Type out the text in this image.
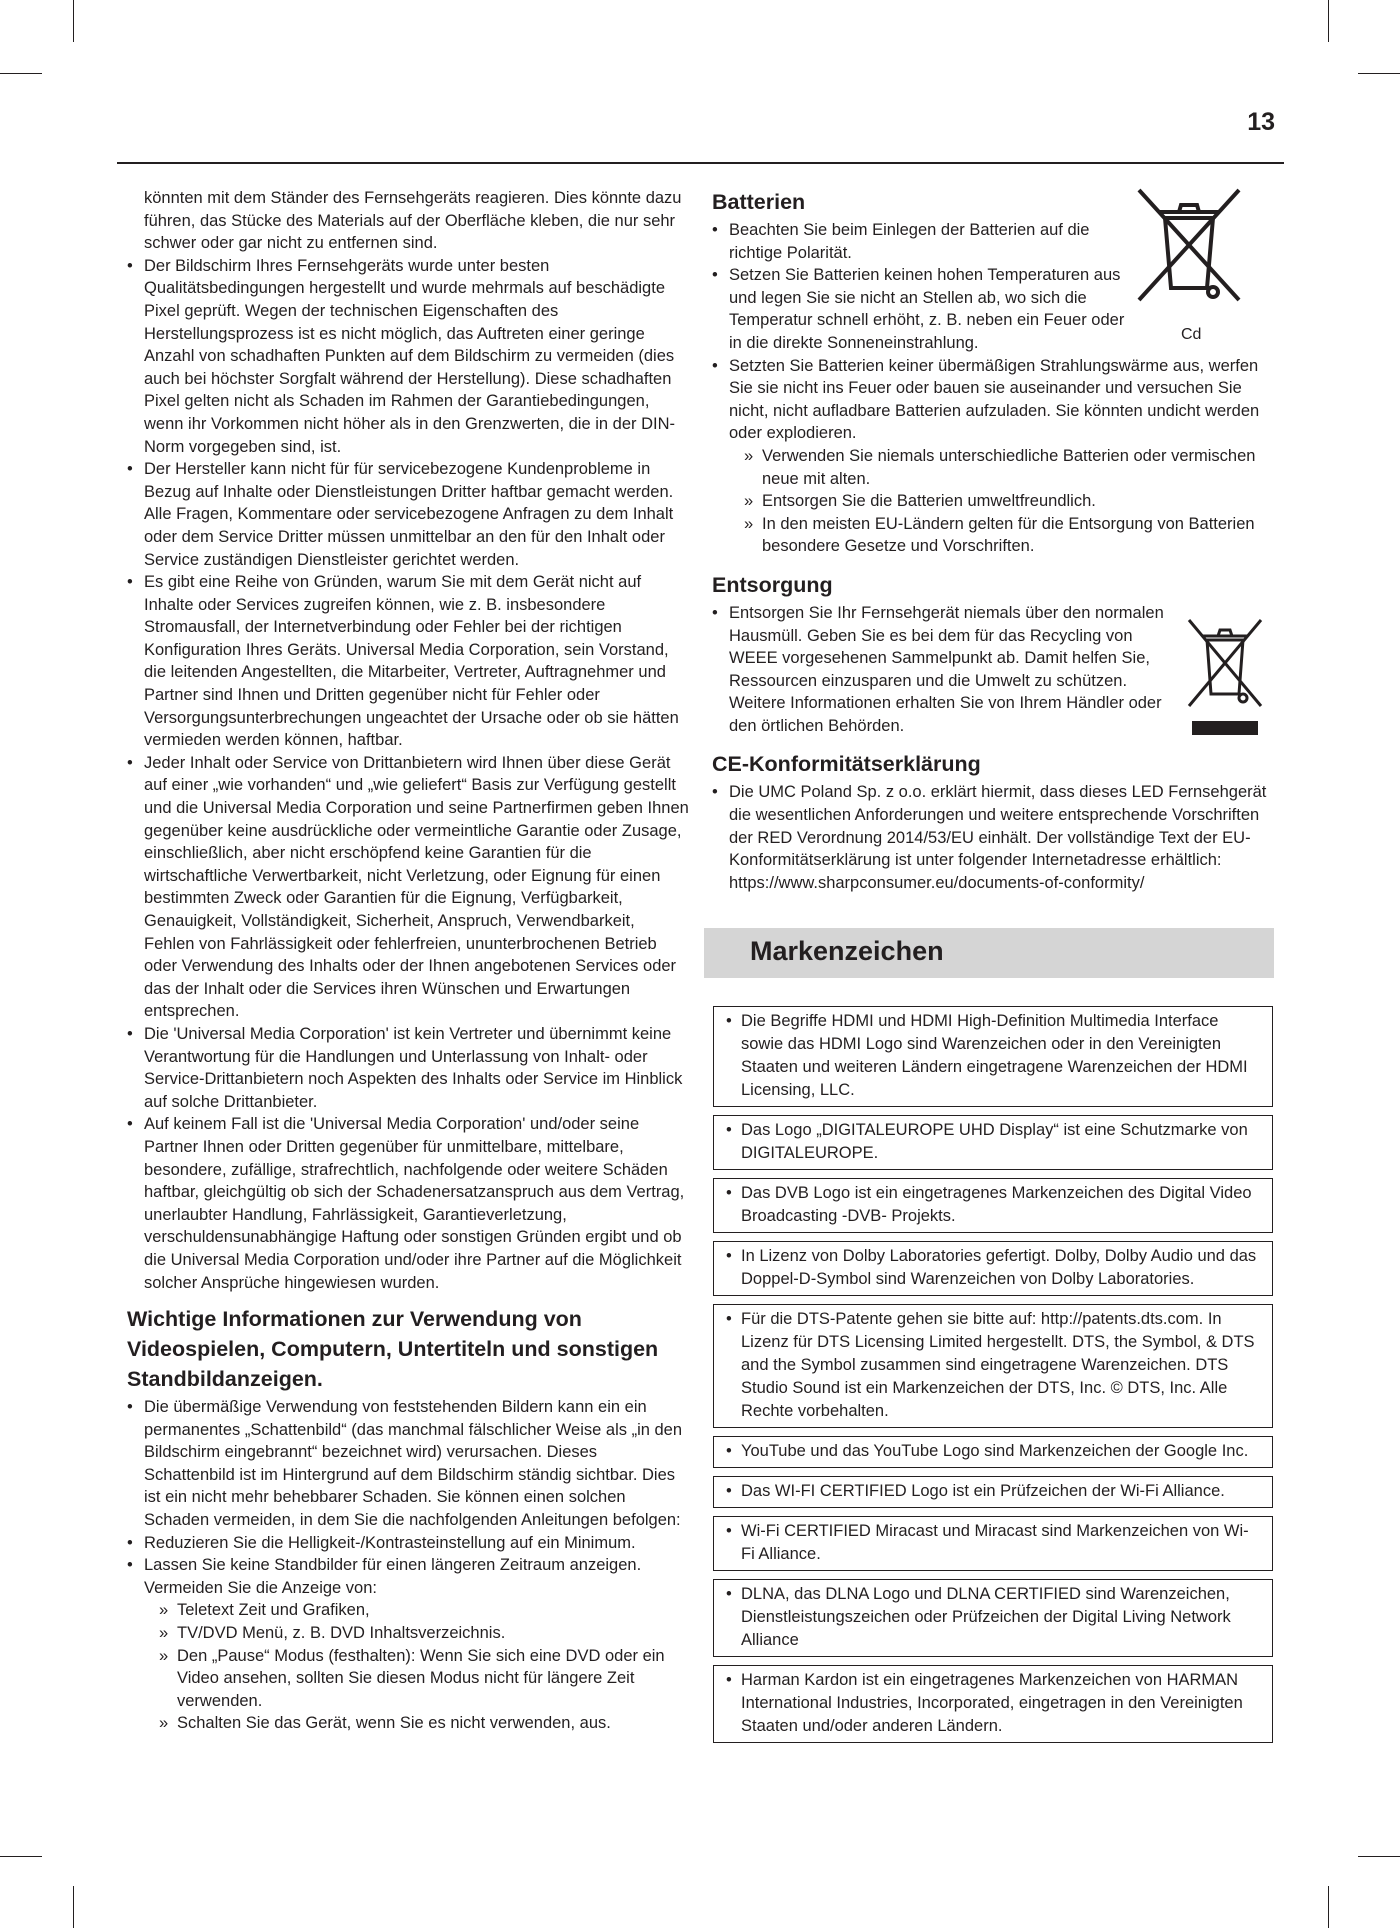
13

könnten mit dem Ständer des Fernsehgeräts reagieren. Dies könnte dazu führen, das Stücke des Materials auf der Oberfläche kleben, die nur sehr schwer oder gar nicht zu entfernen sind.

• Der Bildschirm Ihres Fernsehgeräts wurde unter besten Qualitätsbedingungen hergestellt und wurde mehrmals auf beschädigte Pixel geprüft. Wegen der technischen Eigenschaften des Herstellungsprozess ist es nicht möglich, das Auftreten einer geringe Anzahl von schadhaften Punkten auf dem Bildschirm zu vermeiden (dies auch bei höchster Sorgfalt während der Herstellung). Diese schadhaften Pixel gelten nicht als Schaden im Rahmen der Garantiebedingungen, wenn ihr Vorkommen nicht höher als in den Grenzwerten, die in der DIN-Norm vorgegeben sind, ist.

• Der Hersteller kann nicht für für servicebezogene Kundenprobleme in Bezug auf Inhalte oder Dienstleistungen Dritter haftbar gemacht werden. Alle Fragen, Kommentare oder servicebezogene Anfragen zu dem Inhalt oder dem Service Dritter müssen unmittelbar an den für den Inhalt oder Service zuständigen Dienstleister gerichtet werden.

• Es gibt eine Reihe von Gründen, warum Sie mit dem Gerät nicht auf Inhalte oder Services zugreifen können, wie z. B. insbesondere Stromausfall, der Internetverbindung oder Fehler bei der richtigen Konfiguration Ihres Geräts. Universal Media Corporation, sein Vorstand, die leitenden Angestellten, die Mitarbeiter, Vertreter, Auftragnehmer und Partner sind Ihnen und Dritten gegenüber nicht für Fehler oder Versorgungsunterbrechungen ungeachtet der Ursache oder ob sie hätten vermieden werden können, haftbar.

• Jeder Inhalt oder Service von Drittanbietern wird Ihnen über diese Gerät auf einer „wie vorhanden“ und „wie geliefert“ Basis zur Verfügung gestellt und die Universal Media Corporation und seine Partnerfirmen geben Ihnen gegenüber keine ausdrückliche oder vermeintliche Garantie oder Zusage, einschließlich, aber nicht erschöpfend keine Garantien für die wirtschaftliche Verwertbarkeit, nicht Verletzung, oder Eignung für einen bestimmten Zweck oder Garantien für die Eignung, Verfügbarkeit, Genauigkeit, Vollständigkeit, Sicherheit, Anspruch, Verwendbarkeit, Fehlen von Fahrlässigkeit oder fehlerfreien, ununterbrochenen Betrieb oder Verwendung des Inhalts oder der Ihnen angebotenen Services oder das der Inhalt oder die Services ihren Wünschen und Erwartungen entsprechen.

• Die 'Universal Media Corporation' ist kein Vertreter und übernimmt keine Verantwortung für die Handlungen und Unterlassung von Inhalt- oder Service-Drittanbietern noch Aspekten des Inhalts oder Service im Hinblick auf solche Drittanbieter.

• Auf keinem Fall ist die 'Universal Media Corporation' und/oder seine Partner Ihnen oder Dritten gegenüber für unmittelbare, mittelbare, besondere, zufällige, strafrechtlich, nachfolgende oder weitere Schäden haftbar, gleichgültig ob sich der Schadenersatzanspruch aus dem Vertrag, unerlaubter Handlung, Fahrlässigkeit, Garantieverletzung, verschuldensunabhängige Haftung oder sonstigen Gründen ergibt und ob die Universal Media Corporation und/oder ihre Partner auf die Möglichkeit solcher Ansprüche hingewiesen wurden.

Wichtige Informationen zur Verwendung von Videospielen, Computern, Untertiteln und sonstigen Standbildanzeigen.

• Die übermäßige Verwendung von feststehenden Bildern kann ein ein permanentes „Schattenbild“ (das manchmal fälschlicher Weise als „in den Bildschirm eingebrannt“ bezeichnet wird) verursachen. Dieses Schattenbild ist im Hintergrund auf dem Bildschirm ständig sichtbar. Dies ist ein nicht mehr behebbarer Schaden. Sie können einen solchen Schaden vermeiden, in dem Sie die nachfolgenden Anleitungen befolgen:

• Reduzieren Sie die Helligkeit-/Kontrasteinstellung auf ein Minimum.

• Lassen Sie keine Standbilder für einen längeren Zeitraum anzeigen.

Vermeiden Sie die Anzeige von:

» Teletext Zeit und Grafiken,

» TV/DVD Menü, z. B. DVD Inhaltsverzeichnis.

» Den „Pause“ Modus (festhalten): Wenn Sie sich eine DVD oder ein Video ansehen, sollten Sie diesen Modus nicht für längere Zeit verwenden.

» Schalten Sie das Gerät, wenn Sie es nicht verwenden, aus.

Batterien

• Beachten Sie beim Einlegen der Batterien auf die richtige Polarität.

• Setzen Sie Batterien keinen hohen Temperaturen aus und legen Sie sie nicht an Stellen ab, wo sich die Temperatur schnell erhöht, z. B. neben ein Feuer oder in die direkte Sonneneinstrahlung.

• Setzten Sie Batterien keiner übermäßigen Strahlungswärme aus, werfen Sie sie nicht ins Feuer oder bauen sie auseinander und versuchen Sie nicht, nicht aufladbare Batterien aufzuladen. Sie könnten undicht werden oder explodieren.

» Verwenden Sie niemals unterschiedliche Batterien oder vermischen neue mit alten.

» Entsorgen Sie die Batterien umweltfreundlich.

» In den meisten EU-Ländern gelten für die Entsorgung von Batterien besondere Gesetze und Vorschriften.

Entsorgung

• Entsorgen Sie Ihr Fernsehgerät niemals über den normalen Hausmüll. Geben Sie es bei dem für das Recycling von WEEE vorgesehenen Sammelpunkt ab. Damit helfen Sie, Ressourcen einzusparen und die Umwelt zu schützen. Weitere Informationen erhalten Sie von Ihrem Händler oder den örtlichen Behörden.

CE-Konformitätserklärung

• Die UMC Poland Sp. z o.o. erklärt hiermit, dass dieses LED Fernsehgerät die wesentlichen Anforderungen und weitere entsprechende Vorschriften der RED Verordnung 2014/53/EU einhält. Der vollständige Text der EU-Konformitätserklärung ist unter folgender Internetadresse erhältlich: https://www.sharpconsumer.eu/documents-of-conformity/

Cd
Markenzeichen
• Die Begriffe HDMI und HDMI High-Definition Multimedia Interface sowie das HDMI Logo sind Warenzeichen oder in den Vereinigten Staaten und weiteren Ländern eingetragene Warenzeichen der HDMI Licensing, LLC.
• Das Logo „DIGITALEUROPE UHD Display“ ist eine Schutzmarke von DIGITALEUROPE.
• Das DVB Logo ist ein eingetragenes Markenzeichen des Digital Video Broadcasting -DVB- Projekts.
• In Lizenz von Dolby Laboratories gefertigt. Dolby, Dolby Audio und das Doppel-D-Symbol sind Warenzeichen von Dolby Laboratories.
• Für die DTS-Patente gehen sie bitte auf: http://patents.dts.com. In Lizenz für DTS Licensing Limited hergestellt. DTS, the Symbol, & DTS and the Symbol zusammen sind eingetragene Warenzeichen. DTS Studio Sound ist ein Markenzeichen der DTS, Inc. © DTS, Inc. Alle Rechte vorbehalten.
• YouTube und das YouTube Logo sind Markenzeichen der Google Inc.
• Das WI-FI CERTIFIED Logo ist ein Prüfzeichen der Wi-Fi Alliance.
• Wi-Fi CERTIFIED Miracast und Miracast sind Markenzeichen von Wi-Fi Alliance.
• DLNA, das DLNA Logo und DLNA CERTIFIED sind Warenzeichen, Dienstleistungszeichen oder Prüfzeichen der Digital Living Network Alliance
• Harman Kardon ist ein eingetragenes Markenzeichen von HARMAN International Industries, Incorporated, eingetragen in den Vereinigten Staaten und/oder anderen Ländern.
